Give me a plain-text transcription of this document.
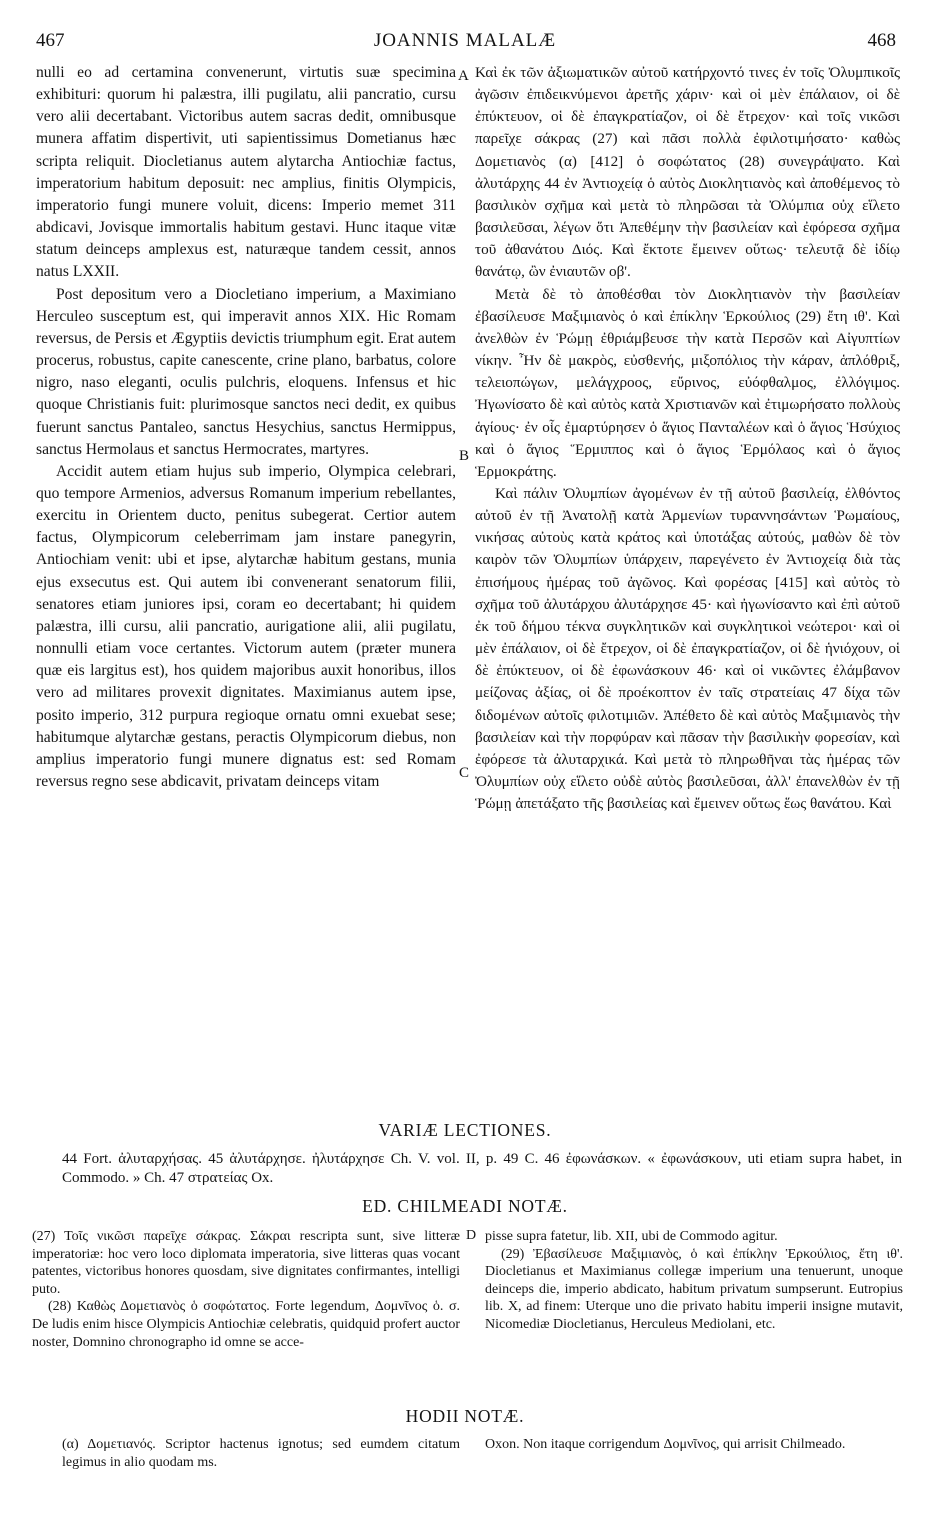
467	JOANNIS MALALÆ	468

nulli eo ad certamina convenerunt, virtutis suæ specimina exhibituri: quorum hi palæstra, illi pugilatu, alii pancratio, cursu vero alii decertabant. Victoribus autem sacras dedit, omnibusque munera affatim dispertivit, uti sapientissimus Dometianus hæc scripta reliquit. Diocletianus autem alytarcha Antiochiæ factus, imperatorium habitum deposuit: nec amplius, finitis Olympicis, imperatorio fungi munere voluit, dicens: Imperio memet 311 abdicavi, Jovisque immortalis habitum gestavi. Hunc itaque vitæ statum deinceps amplexus est, naturæque tandem cessit, annos natus LXXII.

Post depositum vero a Diocletiano imperium, a Maximiano Herculeo susceptum est, qui imperavit annos XIX. Hic Romam reversus, de Persis et Ægyptiis devictis triumphum egit. Erat autem procerus, robustus, capite canescente, crine plano, barbatus, colore nigro, naso eleganti, oculis pulchris, eloquens. Infensus et hic quoque Christianis fuit: plurimosque sanctos neci dedit, ex quibus fuerunt sanctus Pantaleo, sanctus Hesychius, sanctus Hermippus, sanctus Hermolaus et sanctus Hermocrates, martyres.

Accidit autem etiam hujus sub imperio, Olympica celebrari, quo tempore Armenios, adversus Romanum imperium rebellantes, exercitu in Orientem ducto, penitus subegerat. Certior autem factus, Olympicorum celeberrimam jam instare panegyrin, Antiochiam venit: ubi et ipse, alytarchæ habitum gestans, munia ejus exsecutus est. Qui autem ibi convenerant senatorum filii, senatores etiam juniores ipsi, coram eo decertabant; hi quidem palæstra, illi cursu, alii pancratio, aurigatione alii, alii pugilatu, nonnulli etiam voce certantes. Victorum autem (præter munera quæ eis largitus est), hos quidem majoribus auxit honoribus, illos vero ad militares provexit dignitates. Maximianus autem ipse, posito imperio, 312 purpura regioque ornatu omni exuebat sese; habitumque alytarchæ gestans, peractis Olympicorum diebus, non amplius imperatorio fungi munere dignatus est: sed Romam reversus regno sese abdicavit, privatam deinceps vitam

A
B
C

Καὶ ἐκ τῶν ἀξιωματικῶν αὐτοῦ κατήρχοντό τινες ἐν τοῖς Ὀλυμπικοῖς ἀγῶσιν ἐπιδεικνύμενοι ἀρετῆς χάριν· καὶ οἱ μὲν ἐπάλαιον, οἱ δὲ ἐπύκτευον, οἱ δὲ ἐπαγκρατίαζον, οἱ δὲ ἔτρεχον· καὶ τοῖς νικῶσι παρεῖχε σάκρας (27) καὶ πᾶσι πολλὰ ἐφιλοτιμήσατο· καθὼς Δομετιανὸς (α) [412] ὁ σοφώτατος (28) συνεγράψατο. Καὶ ἀλυτάρχης 44 ἐν Ἀντιοχείᾳ ὁ αὐτὸς Διοκλητιανὸς καὶ ἀποθέμενος τὸ βασιλικὸν σχῆμα καὶ μετὰ τὸ πληρῶσαι τὰ Ὀλύμπια οὐχ εἵλετο βασιλεῦσαι, λέγων ὅτι Ἀπεθέμην τὴν βασιλείαν καὶ ἐφόρεσα σχῆμα τοῦ ἀθανάτου Διός. Καὶ ἔκτοτε ἔμεινεν οὕτως· τελευτᾷ δὲ ἰδίῳ θανάτῳ, ὢν ἐνιαυτῶν οβ'.

Μετὰ δὲ τὸ ἀποθέσθαι τὸν Διοκλητιανὸν τὴν βασιλείαν ἐβασίλευσε Μαξιμιανὸς ὁ καὶ ἐπίκλην Ἑρκούλιος (29) ἔτη ιθ'. Καὶ ἀνελθὼν ἐν Ῥώμῃ ἐθριάμβευσε τὴν κατὰ Περσῶν καὶ Αἰγυπτίων νίκην. Ἦν δὲ μακρὸς, εὐσθενής, μιξοπόλιος τὴν κάραν, ἁπλόθριξ, τελειοπώγων, μελάγχροος, εὔρινος, εὐόφθαλμος, ἐλλόγιμος. Ἠγωνίσατο δὲ καὶ αὐτὸς κατὰ Χριστιανῶν καὶ ἐτιμωρήσατο πολλοὺς ἁγίους· ἐν οἷς ἐμαρτύρησεν ὁ ἅγιος Πανταλέων καὶ ὁ ἅγιος Ἡσύχιος καὶ ὁ ἅγιος Ἕρμιππος καὶ ὁ ἅγιος Ἑρμόλαος καὶ ὁ ἅγιος Ἑρμοκράτης.

Καὶ πάλιν Ὀλυμπίων ἀγομένων ἐν τῇ αὐτοῦ βασιλείᾳ, ἐλθόντος αὐτοῦ ἐν τῇ Ἀνατολῇ κατὰ Ἀρμενίων τυραννησάντων Ῥωμαίους, νικήσας αὐτοὺς κατὰ κράτος καὶ ὑποτάξας αὐτούς, μαθὼν δὲ τὸν καιρὸν τῶν Ὀλυμπίων ὑπάρχειν, παρεγένετο ἐν Ἀντιοχείᾳ διὰ τὰς ἐπισήμους ἡμέρας τοῦ ἀγῶνος. Καὶ φορέσας [415] καὶ αὐτὸς τὸ σχῆμα τοῦ ἀλυτάρχου ἀλυτάρχησε 45· καὶ ἠγωνίσαντο καὶ ἐπὶ αὐτοῦ ἐκ τοῦ δήμου τέκνα συγκλητικῶν καὶ συγκλητικοὶ νεώτεροι· καὶ οἱ μὲν ἐπάλαιον, οἱ δὲ ἔτρεχον, οἱ δὲ ἐπαγκρατίαζον, οἱ δὲ ἡνιόχουν, οἱ δὲ ἐπύκτευον, οἱ δὲ ἐφωνάσκουν 46· καὶ οἱ νικῶντες ἐλάμβανον μείζονας ἀξίας, οἱ δὲ προέκοπτον ἐν ταῖς στρατείαις 47 δίχα τῶν διδομένων αὐτοῖς φιλοτιμιῶν. Ἀπέθετο δὲ καὶ αὐτὸς Μαξιμιανὸς τὴν βασιλείαν καὶ τὴν πορφύραν καὶ πᾶσαν τὴν βασιλικὴν φορεσίαν, καὶ ἐφόρεσε τὰ ἀλυταρχικά. Καὶ μετὰ τὸ πληρωθῆναι τὰς ἡμέρας τῶν Ὀλυμπίων οὐχ εἵλετο οὐδὲ αὐτὸς βασιλεῦσαι, ἀλλ' ἐπανελθὼν ἐν τῇ Ῥώμῃ ἀπετάξατο τῆς βασιλείας καὶ ἔμεινεν οὕτως ἕως θανάτου. Καὶ

VARIÆ LECTIONES.
44 Fort. ἀλυταρχήσας. 45 ἀλυτάρχησε. ἠλυτάρχησε Ch. V. vol. II, p. 49 C. 46 ἐφωνάσκων. « ἐφωνάσκουν, uti etiam supra habet, in Commodo. » Ch. 47 στρατείας Ox.
ED. CHILMEADI NOTÆ.

(27) Τοῖς νικῶσι παρεῖχε σάκρας. Σάκραι rescripta sunt, sive litteræ imperatoriæ: hoc vero loco diplomata imperatoria, sive litteras quas vocant patentes, victoribus honores quosdam, sive dignitates confirmantes, intelligi puto.

(28) Καθὼς Δομετιανὸς ὁ σοφώτατος. Forte legendum, Δομνῖνος ὁ. σ. De ludis enim hisce Olympicis Antiochiæ celebratis, quidquid profert auctor noster, Domnino chronographo id omne se acce-

D pisse supra fatetur, lib. XII, ubi de Commodo agitur.

(29) Ἐβασίλευσε Μαξιμιανὸς, ὁ καὶ ἐπίκλην Ἑρκούλιος, ἔτη ιθ'. Diocletianus et Maximianus collegæ imperium una tenuerunt, unoque deinceps die, imperio abdicato, habitum privatum sumpserunt. Eutropius lib. X, ad finem: Uterque uno die privato habitu imperii insigne mutavit, Nicomediæ Diocletianus, Herculeus Mediolani, etc.

HODII NOTÆ.

(α) Δομετιανός. Scriptor hactenus ignotus; sed eumdem citatum legimus in alio quodam ms.

Oxon. Non itaque corrigendum Δομνῖνος, qui arrisit Chilmeado.
